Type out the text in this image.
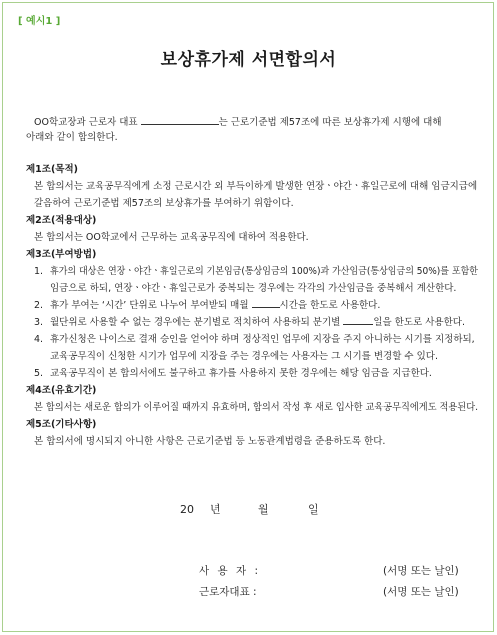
[ 예시1 ]
보상휴가제 서면합의서
OO학교장과 근로자 대표	는 근로기준법 제57조에 따른 보상휴가제 시행에 대해
아래와 같이 합의한다.
제1조(목적)
본 합의서는 교육공무직에게 소정 근로시간 외 부득이하게 발생한 연장ㆍ야간ㆍ휴일근로에 대해 임금지급에
갈음하여 근로기준법 제57조의 보상휴가를 부여하기 위함이다.
제2조(적용대상)
본 합의서는 OO학교에서 근무하는 교육공무직에 대하여 적용한다.
제3조(부여방법)
1. 휴가의 대상은 연장ㆍ야간ㆍ휴일근로의 기본임금(통상임금의 100%)과 가산임금(통상임금의 50%)를 포함한
임금으로 하되, 연장ㆍ야간ㆍ휴일근로가 중복되는 경우에는 각각의 가산임금을 중복해서 계산한다.
2. 휴가 부여는 ‘시간’ 단위로 나누어 부여받되 매월	시간을 한도로 사용한다.
3. 월단위로 사용할 수 없는 경우에는 분기별로 적치하여 사용하되 분기별	일을 한도로 사용한다.
4. 휴가신청은 나이스로 결재 승인을 얻어야 하며 정상적인 업무에 지장을 주지 아니하는 시기를 지정하되,
교육공무직이 신청한 시기가 업무에 지장을 주는 경우에는 사용자는 그 시기를 변경할 수 있다.
5. 교육공무직이 본 합의서에도 불구하고 휴가를 사용하지 못한 경우에는 해당 임금을 지급한다.
제4조(유효기간)
본 합의서는 새로운 합의가 이루어질 때까지 유효하며, 합의서 작성 후 새로 입사한 교육공무직에게도 적용된다.
제5조(기타사항)
본 합의서에 명시되지 아니한 사항은 근로기준법 등 노동관계법령을 준용하도록 한다.
20 년	월	일
사 용 자 :	(서명 또는 날인)
근로자대표 :	(서명 또는 날인)
